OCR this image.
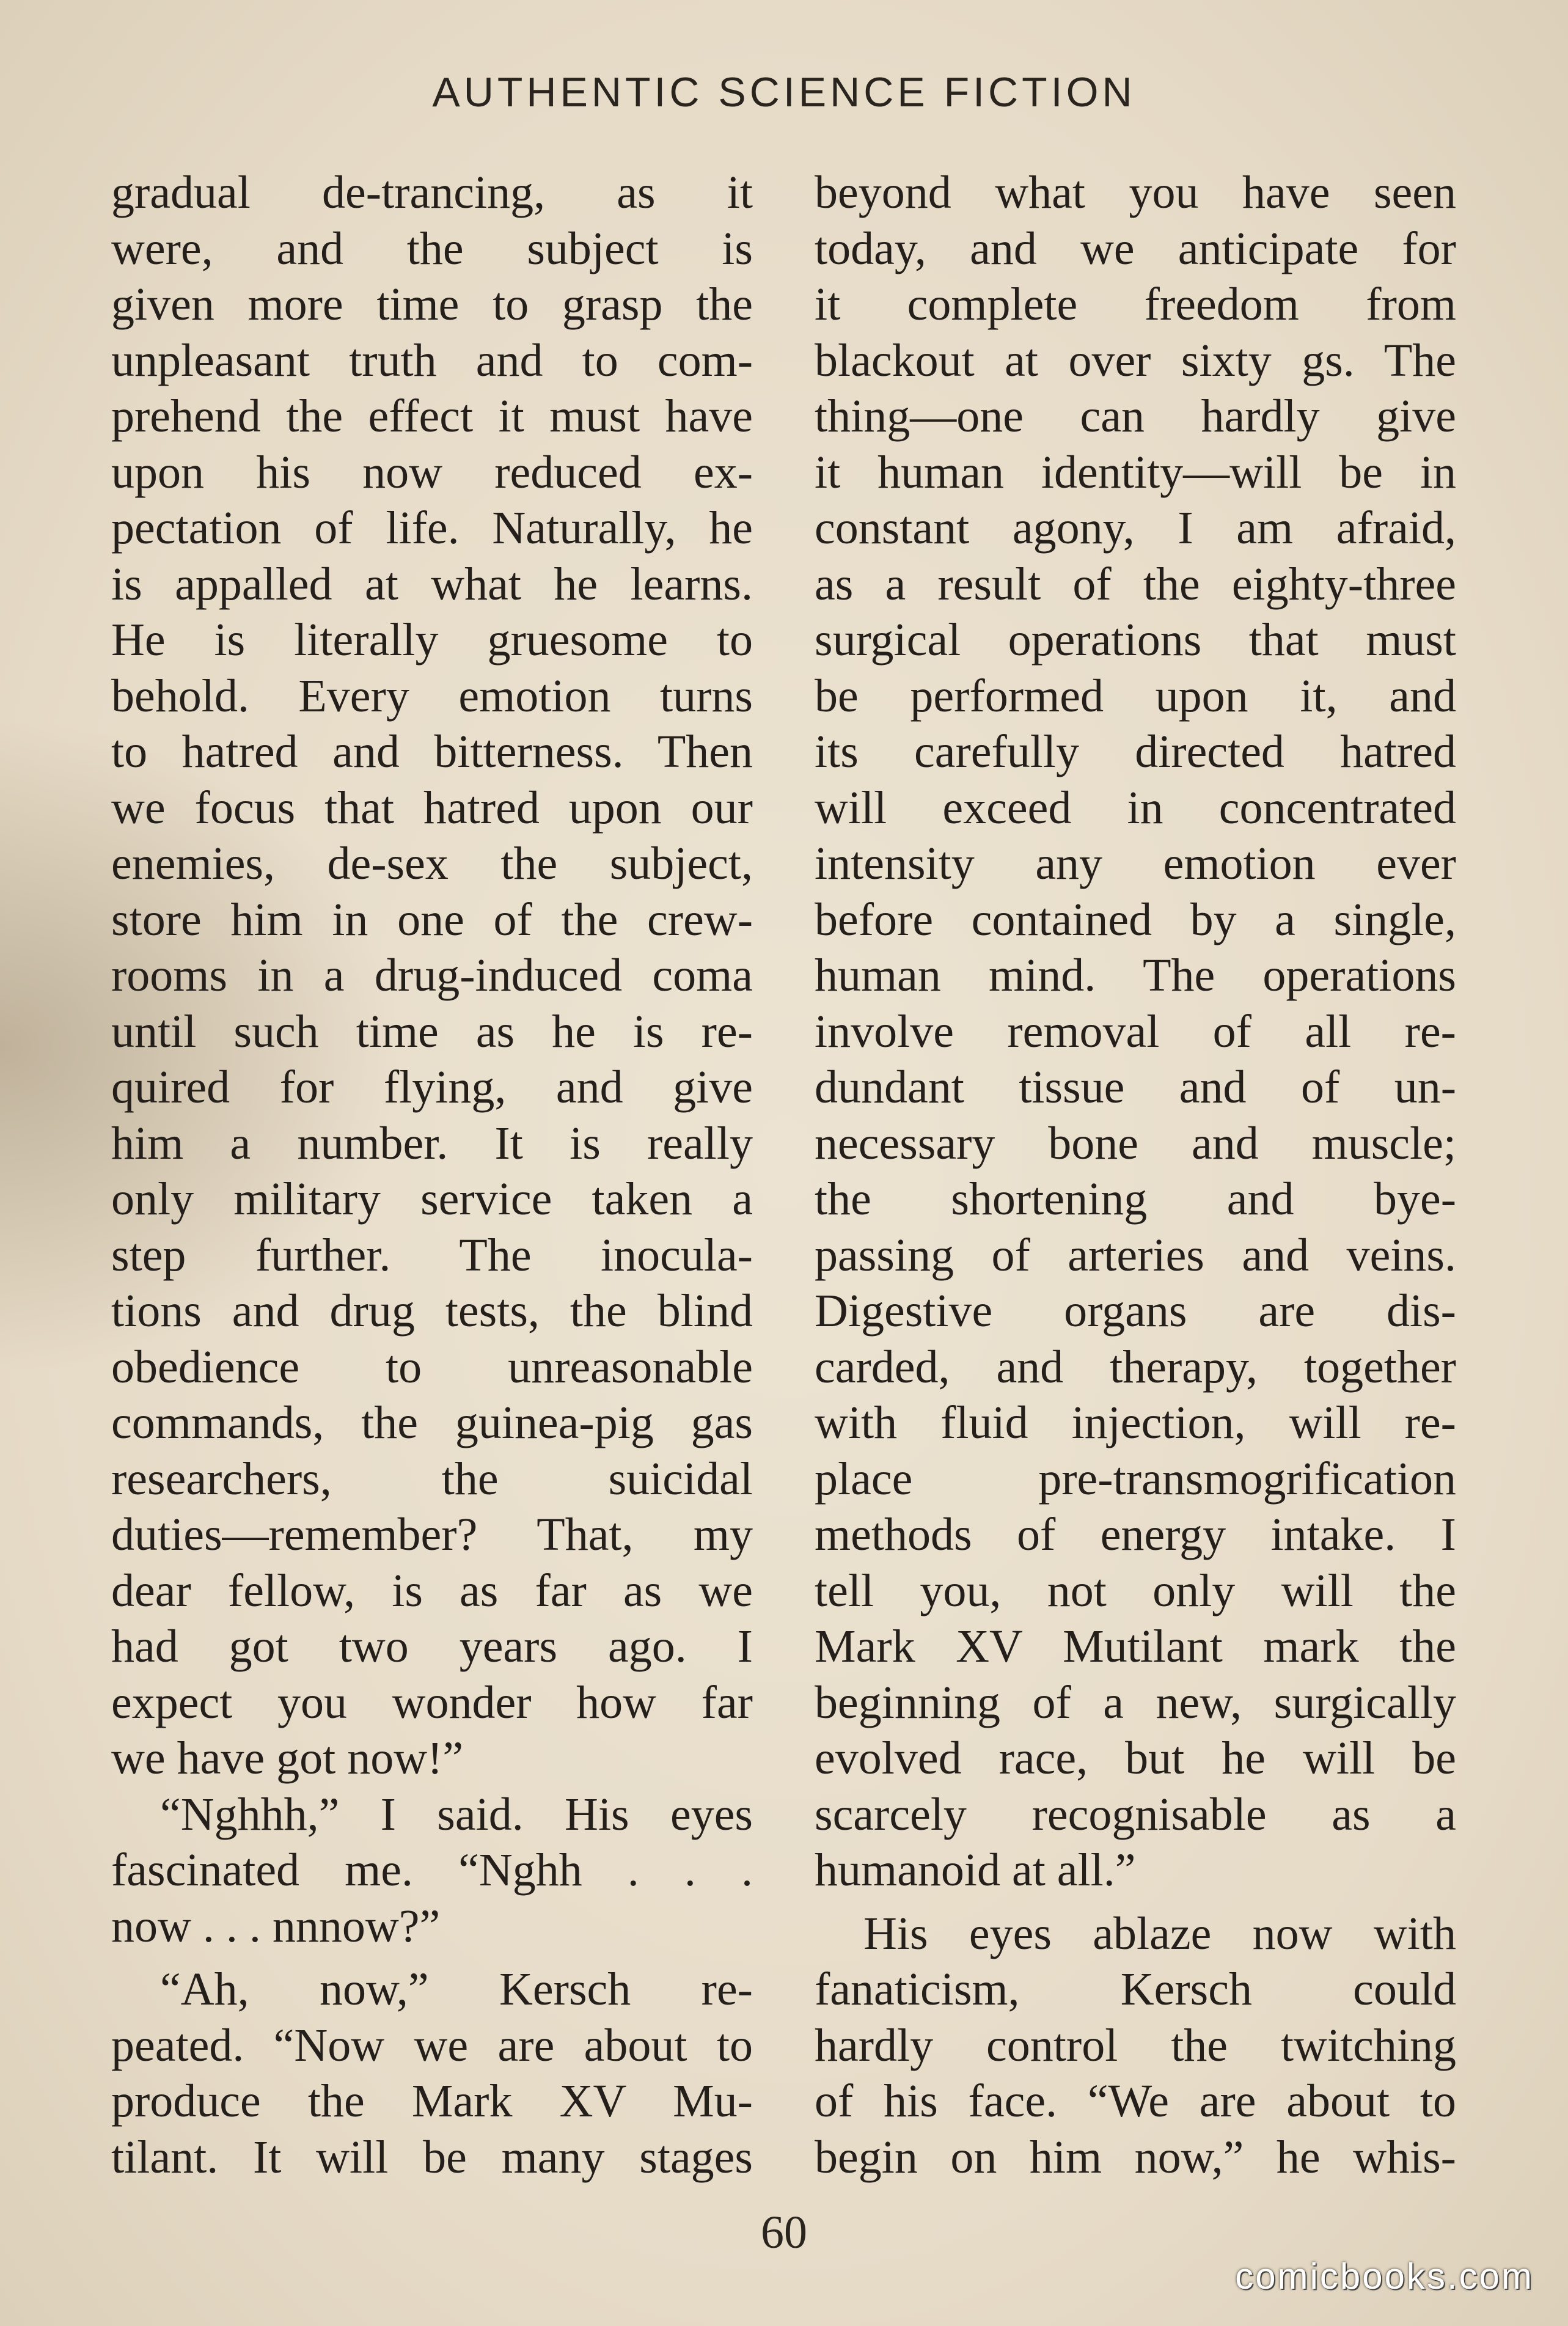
AUTHENTIC SCIENCE FICTION
gradual de-trancing, as it
were, and the subject is
given more time to grasp the
unpleasant truth and to com-
prehend the effect it must have
upon his now reduced ex-
pectation of life. Naturally, he
is appalled at what he learns.
He is literally gruesome to
behold. Every emotion turns
to hatred and bitterness. Then
we focus that hatred upon our
enemies, de-sex the subject,
store him in one of the crew-
rooms in a drug-induced coma
until such time as he is re-
quired for flying, and give
him a number. It is really
only military service taken a
step further. The inocula-
tions and drug tests, the blind
obedience to unreasonable
commands, the guinea-pig gas
researchers, the suicidal
duties—remember? That, my
dear fellow, is as far as we
had got two years ago. I
expect you wonder how far
we have got now!”
“Nghhh,” I said. His eyes
fascinated me. “Nghh . . .
now . . . nnnow?”
“Ah, now,” Kersch re-
peated. “Now we are about to
produce the Mark XV Mu-
tilant. It will be many stages
beyond what you have seen
today, and we anticipate for
it complete freedom from
blackout at over sixty gs. The
thing—one can hardly give
it human identity—will be in
constant agony, I am afraid,
as a result of the eighty-three
surgical operations that must
be performed upon it, and
its carefully directed hatred
will exceed in concentrated
intensity any emotion ever
before contained by a single,
human mind. The operations
involve removal of all re-
dundant tissue and of un-
necessary bone and muscle;
the shortening and bye-
passing of arteries and veins.
Digestive organs are dis-
carded, and therapy, together
with fluid injection, will re-
place pre-transmogrification
methods of energy intake. I
tell you, not only will the
Mark XV Mutilant mark the
beginning of a new, surgically
evolved race, but he will be
scarcely recognisable as a
humanoid at all.”
His eyes ablaze now with
fanaticism, Kersch could
hardly control the twitching
of his face. “We are about to
begin on him now,” he whis-
60
comicbooks.com
